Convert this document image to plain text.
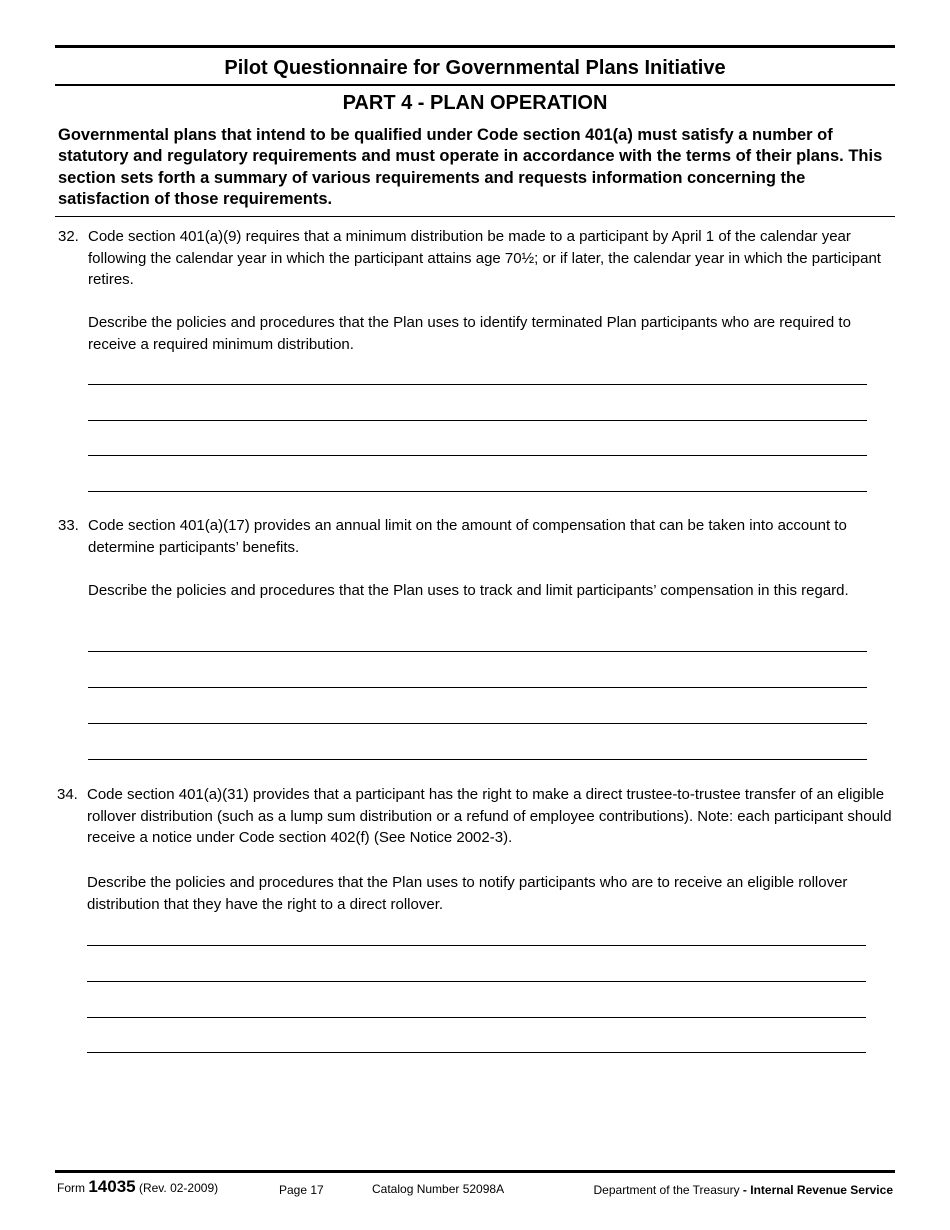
Pilot Questionnaire for Governmental Plans Initiative
PART 4 - PLAN OPERATION
Governmental plans that intend to be qualified under Code section 401(a) must satisfy a number of statutory and regulatory requirements and must operate in accordance with the terms of their plans. This section sets forth a summary of various requirements and requests information concerning the satisfaction of those requirements.
32. Code section 401(a)(9) requires that a minimum distribution be made to a participant by April 1 of the calendar year following the calendar year in which the participant attains age 70½; or if later, the calendar year in which the participant retires.
Describe the policies and procedures that the Plan uses to identify terminated Plan participants who are required to receive a required minimum distribution.
33. Code section 401(a)(17) provides an annual limit on the amount of compensation that can be taken into account to determine participants’ benefits.
Describe the policies and procedures that the Plan uses to track and limit participants’ compensation in this regard.
34. Code section 401(a)(31) provides that a participant has the right to make a direct trustee-to-trustee transfer of an eligible rollover distribution (such as a lump sum distribution or a refund of employee contributions). Note: each participant should receive a notice under Code section 402(f) (See Notice 2002-3).
Describe the policies and procedures that the Plan uses to notify participants who are to receive an eligible rollover distribution that they have the right to a direct rollover.
Form 14035 (Rev. 02-2009)	Page 17	Catalog Number 52098A	Department of the Treasury - Internal Revenue Service
